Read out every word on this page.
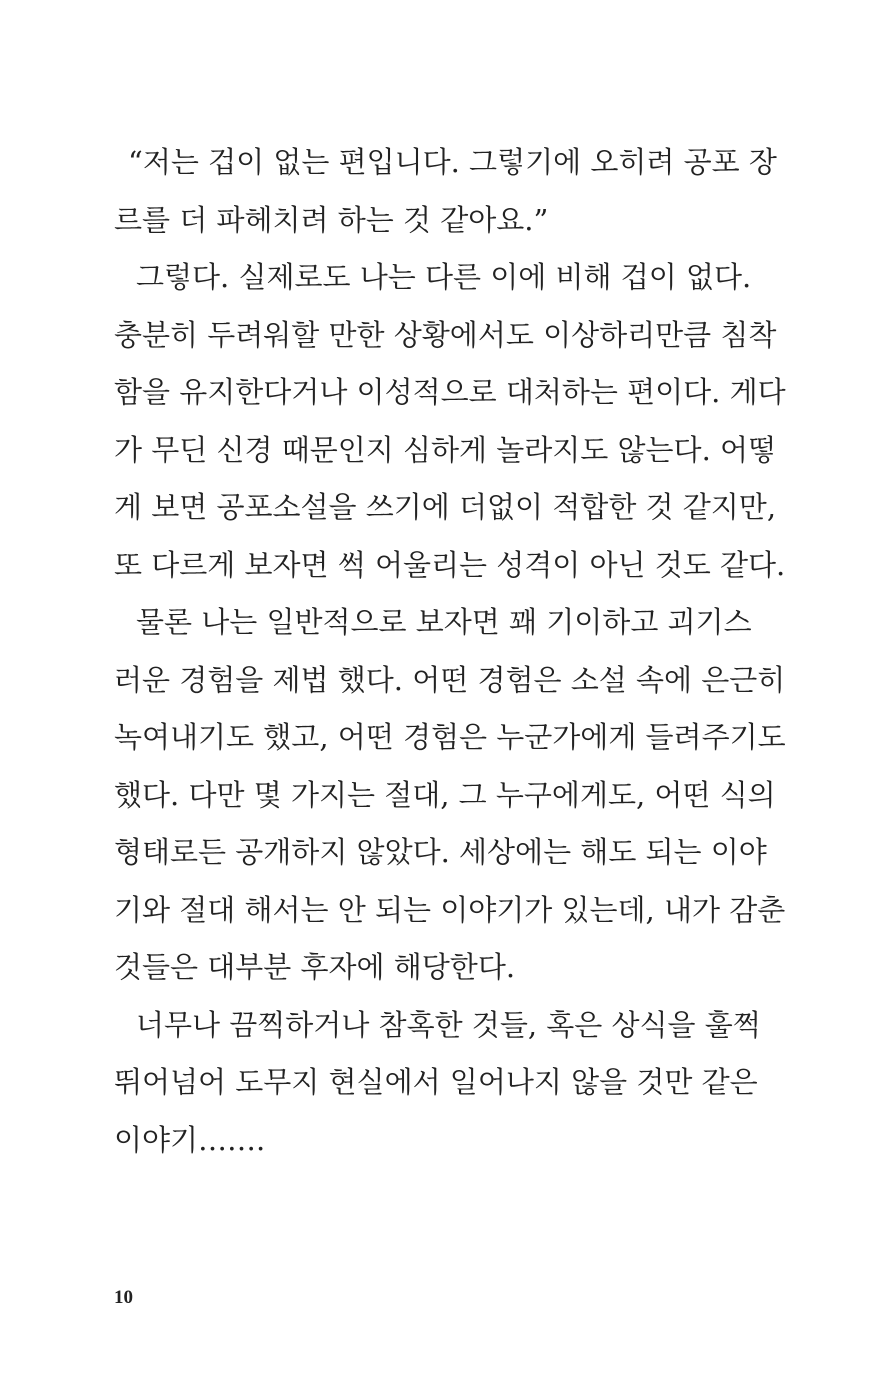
“저는 겁이 없는 편입니다. 그렇기에 오히려 공포 장
르를 더 파헤치려 하는 것 같아요.”
그렇다. 실제로도 나는 다른 이에 비해 겁이 없다.
충분히 두려워할 만한 상황에서도 이상하리만큼 침착
함을 유지한다거나 이성적으로 대처하는 편이다. 게다
가 무딘 신경 때문인지 심하게 놀라지도 않는다. 어떻
게 보면 공포소설을 쓰기에 더없이 적합한 것 같지만,
또 다르게 보자면 썩 어울리는 성격이 아닌 것도 같다.
물론 나는 일반적으로 보자면 꽤 기이하고 괴기스
러운 경험을 제법 했다. 어떤 경험은 소설 속에 은근히
녹여내기도 했고, 어떤 경험은 누군가에게 들려주기도
했다. 다만 몇 가지는 절대, 그 누구에게도, 어떤 식의
형태로든 공개하지 않았다. 세상에는 해도 되는 이야
기와 절대 해서는 안 되는 이야기가 있는데, 내가 감춘
것들은 대부분 후자에 해당한다.
너무나 끔찍하거나 참혹한 것들, 혹은 상식을 훌쩍
뛰어넘어 도무지 현실에서 일어나지 않을 것만 같은
이야기…….
10
